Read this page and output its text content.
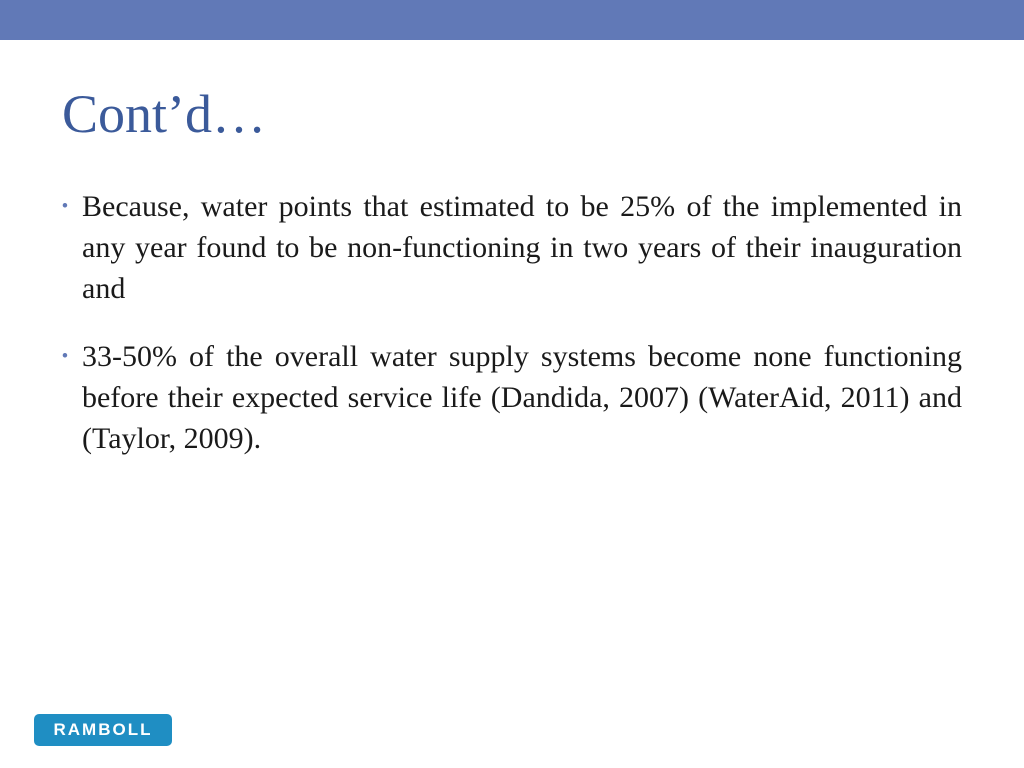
Cont’d…
• Because, water points that estimated to be 25% of the implemented in any year found to be non-functioning in two years of their inauguration and
• 33-50% of the overall water supply systems become none functioning before their expected service life (Dandida, 2007) (WaterAid, 2011) and (Taylor, 2009).
RAMBOLL
